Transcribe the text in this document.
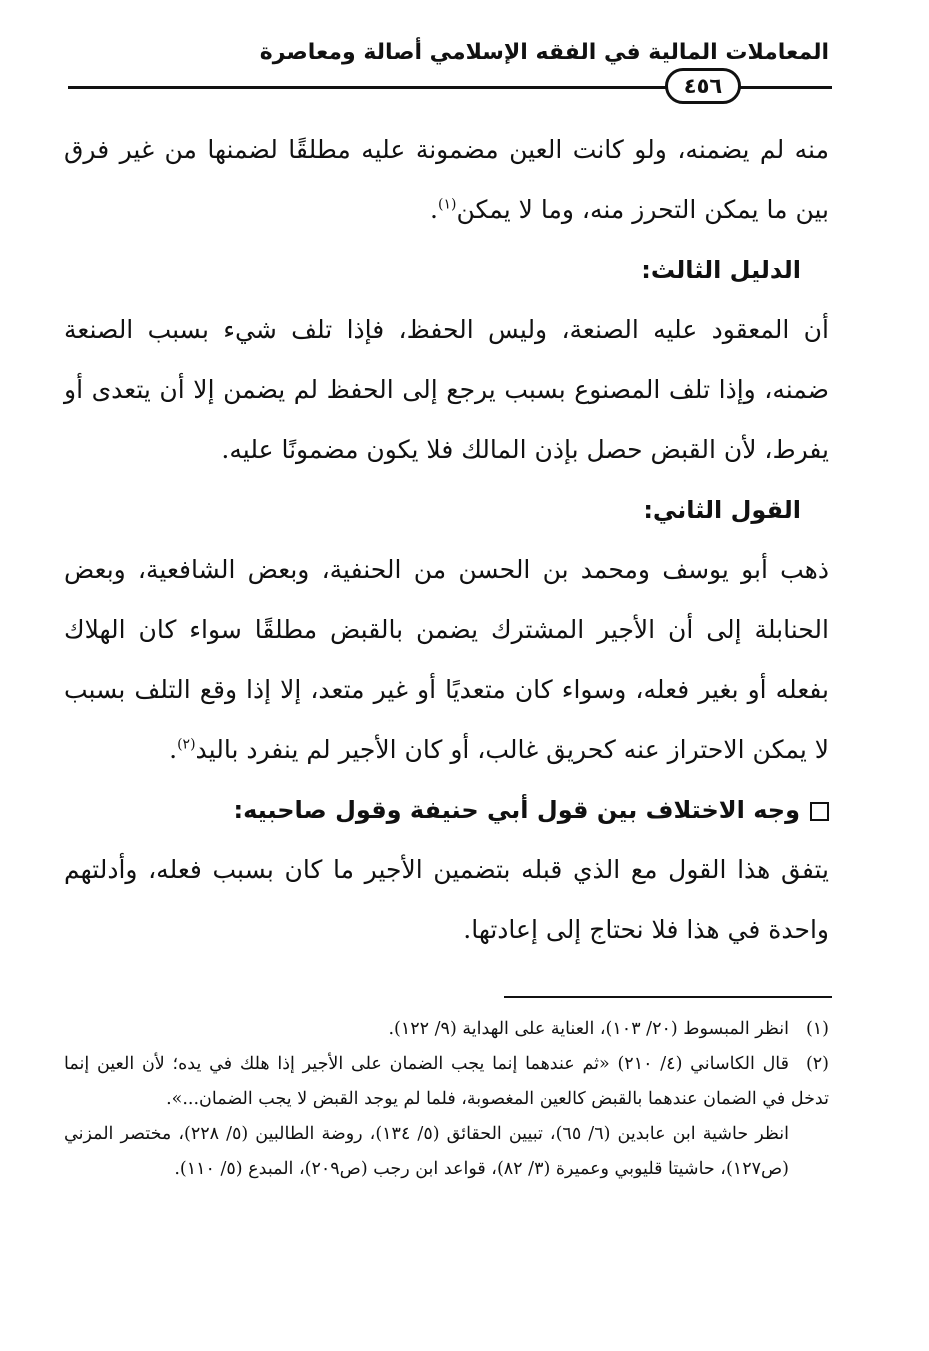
المعاملات المالية في الفقه الإسلامي أصالة ومعاصرة
٤٥٦

منه لم يضمنه، ولو كانت العين مضمونة عليه مطلقًا لضمنها من غير فرق بين ما يمكن التحرز منه، وما لا يمكن$^{(١)}$.

الدليل الثالث:

أن المعقود عليه الصنعة، وليس الحفظ، فإذا تلف شيء بسبب الصنعة ضمنه، وإذا تلف المصنوع بسبب يرجع إلى الحفظ لم يضمن إلا أن يتعدى أو يفرط، لأن القبض حصل بإذن المالك فلا يكون مضمونًا عليه.

القول الثاني:

ذهب أبو يوسف ومحمد بن الحسن من الحنفية، وبعض الشافعية، وبعض الحنابلة إلى أن الأجير المشترك يضمن بالقبض مطلقًا سواء كان الهلاك بفعله أو بغير فعله، وسواء كان متعديًا أو غير متعد، إلا إذا وقع التلف بسبب لا يمكن الاحتراز عنه كحريق غالب، أو كان الأجير لم ينفرد باليد$^{(٢)}$.

وجه الاختلاف بين قول أبي حنيفة وقول صاحبيه:

يتفق هذا القول مع الذي قبله بتضمين الأجير ما كان بسبب فعله، وأدلتهم واحدة في هذا فلا نحتاج إلى إعادتها.

(١)انظر المبسوط (٢٠/ ١٠٣)، العناية على الهداية (٩/ ١٢٢).

(٢)قال الكاساني (٤/ ٢١٠) «ثم عندهما إنما يجب الضمان على الأجير إذا هلك في يده؛ لأن العين إنما تدخل في الضمان عندهما بالقبض كالعين المغصوبة، فلما لم يوجد القبض لا يجب الضمان...».

انظر حاشية ابن عابدين (٦/ ٦٥)، تبيين الحقائق (٥/ ١٣٤)، روضة الطالبين (٥/ ٢٢٨)، مختصر المزني (ص١٢٧)، حاشيتا قليوبي وعميرة (٣/ ٨٢)، قواعد ابن رجب (ص٢٠٩)، المبدع (٥/ ١١٠).
